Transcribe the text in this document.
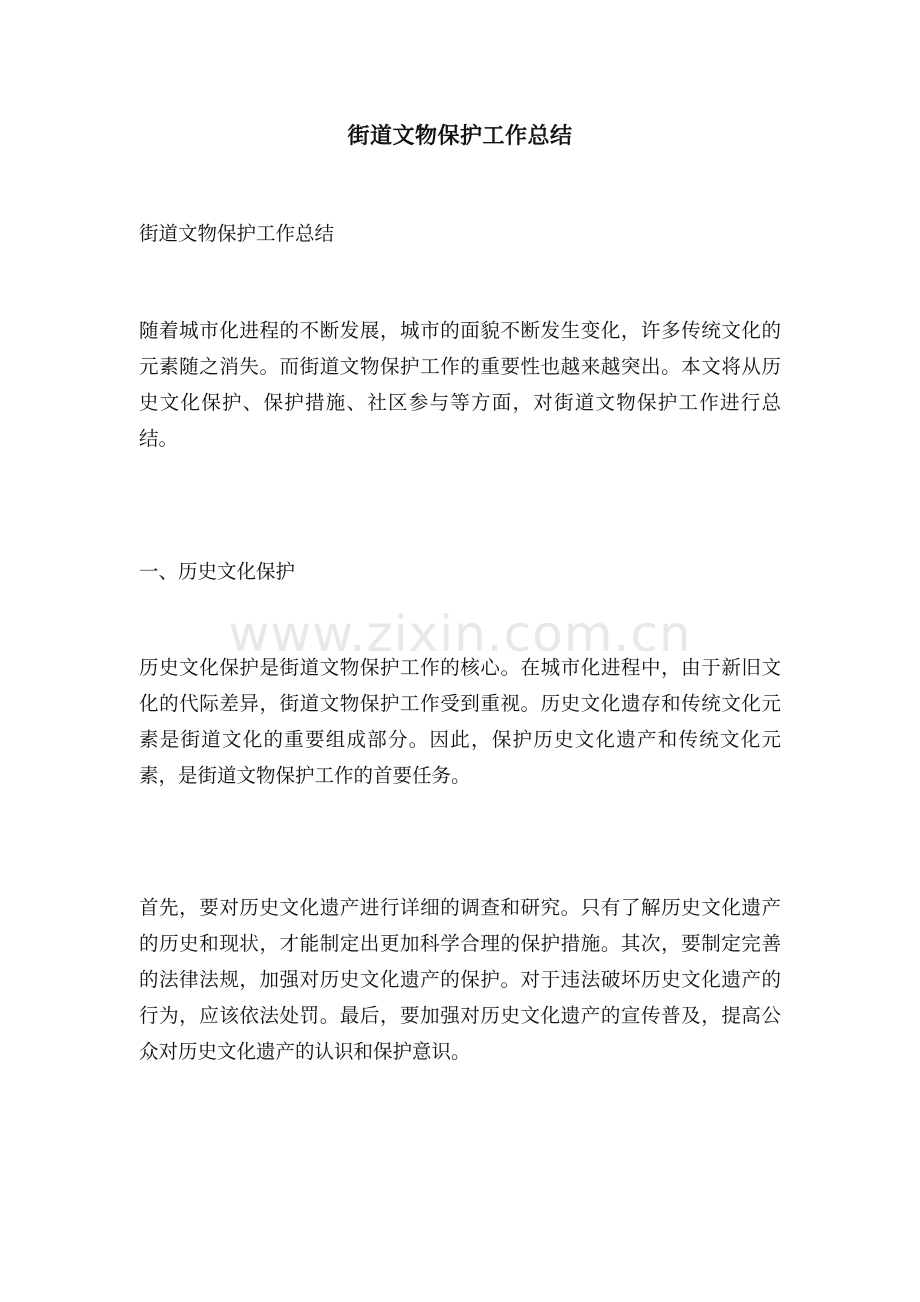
街道文物保护工作总结
街道文物保护工作总结
随着城市化进程的不断发展，城市的面貌不断发生变化，许多传统文化的元素随之消失。而街道文物保护工作的重要性也越来越突出。本文将从历史文化保护、保护措施、社区参与等方面，对街道文物保护工作进行总结。
一、历史文化保护
历史文化保护是街道文物保护工作的核心。在城市化进程中，由于新旧文化的代际差异，街道文物保护工作受到重视。历史文化遗存和传统文化元素是街道文化的重要组成部分。因此，保护历史文化遗产和传统文化元素，是街道文物保护工作的首要任务。
首先，要对历史文化遗产进行详细的调查和研究。只有了解历史文化遗产的历史和现状，才能制定出更加科学合理的保护措施。其次，要制定完善的法律法规，加强对历史文化遗产的保护。对于违法破坏历史文化遗产的行为，应该依法处罚。最后，要加强对历史文化遗产的宣传普及，提高公众对历史文化遗产的认识和保护意识。
www.zixin.com.cn
